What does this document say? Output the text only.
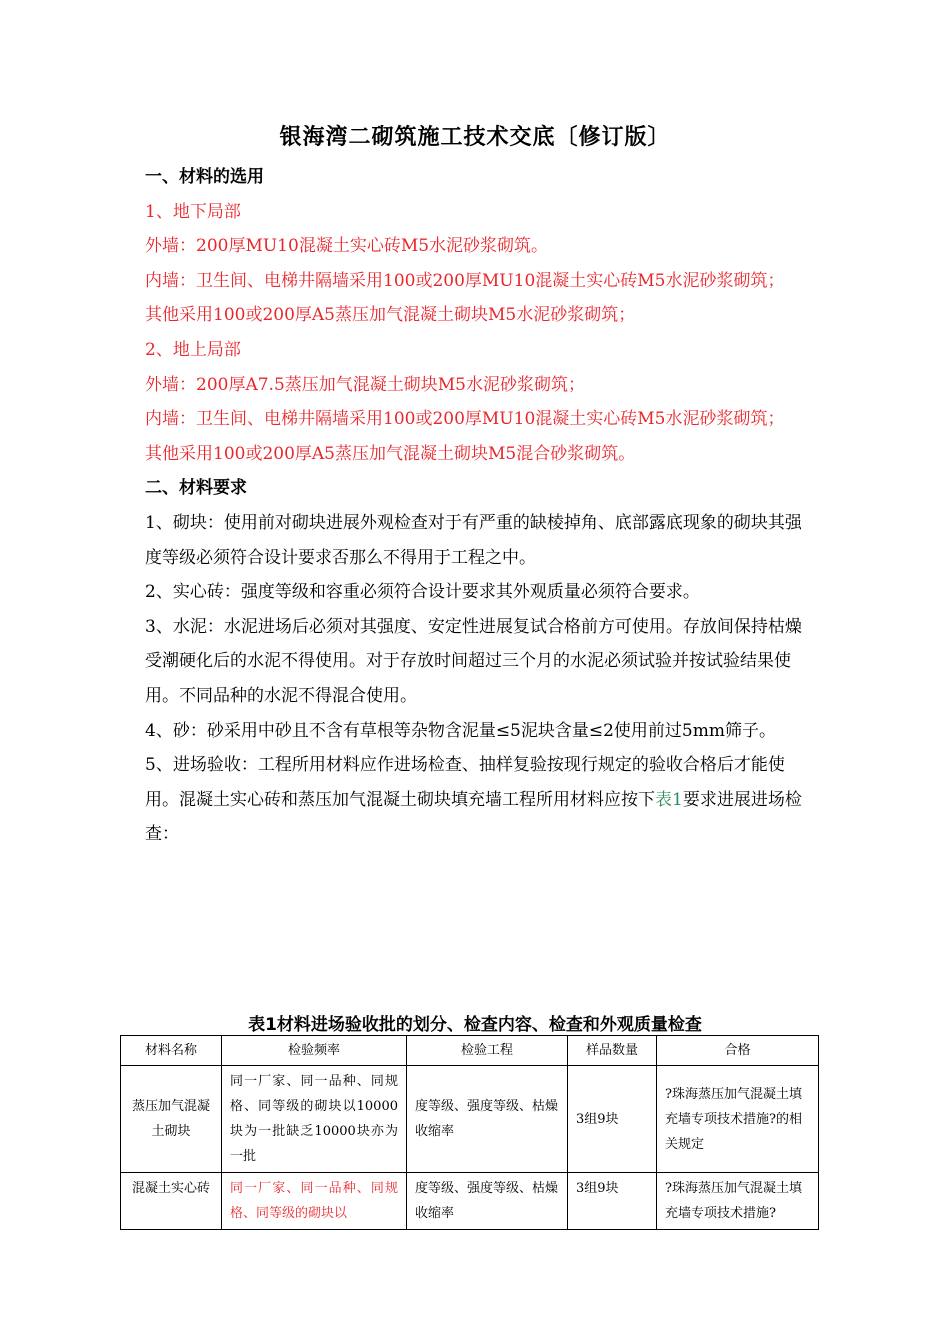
银海湾二砌筑施工技术交底〔修订版〕

一、材料的选用

1、地下局部

外墙：200厚MU10混凝土实心砖M5水泥砂浆砌筑。

内墙：卫生间、电梯井隔墙采用100或200厚MU10混凝土实心砖M5水泥砂浆砌筑；

其他采用100或200厚A5蒸压加气混凝土砌块M5水泥砂浆砌筑；

2、地上局部

外墙：200厚A7.5蒸压加气混凝土砌块M5水泥砂浆砌筑；

内墙：卫生间、电梯井隔墙采用100或200厚MU10混凝土实心砖M5水泥砂浆砌筑；

其他采用100或200厚A5蒸压加气混凝土砌块M5混合砂浆砌筑。

二、材料要求

1、砌块：使用前对砌块进展外观检查对于有严重的缺棱掉角、底部露底现象的砌块其强度等级必须符合设计要求否那么不得用于工程之中。

2、实心砖：强度等级和容重必须符合设计要求其外观质量必须符合要求。

3、水泥：水泥进场后必须对其强度、安定性进展复试合格前方可使用。存放间保持枯燥受潮硬化后的水泥不得使用。对于存放时间超过三个月的水泥必须试验并按试验结果使用。不同品种的水泥不得混合使用。

4、砂：砂采用中砂且不含有草根等杂物含泥量≤5泥块含量≤2使用前过5mm筛子。

5、进场验收：工程所用材料应作进场检查、抽样复验按现行规定的验收合格后才能使用。混凝土实心砖和蒸压加气混凝土砌块填充墙工程所用材料应按下表1要求进展进场检查：

表1材料进场验收批的划分、检查内容、检查和外观质量检查
材料名称	检验频率	检验工程	样品数量	合格
蒸压加气混凝土砌块	同一厂家、同一品种、同规格、同等级的砌块以10000块为一批缺乏10000块亦为一批	度等级、强度等级、枯燥收缩率	3组9块	?珠海蒸压加气混凝土填充墙专项技术措施?的相关规定
混凝土实心砖	同一厂家、同一品种、同规格、同等级的砌块以	度等级、强度等级、枯燥收缩率	3组9块	?珠海蒸压加气混凝土填充墙专项技术措施?
